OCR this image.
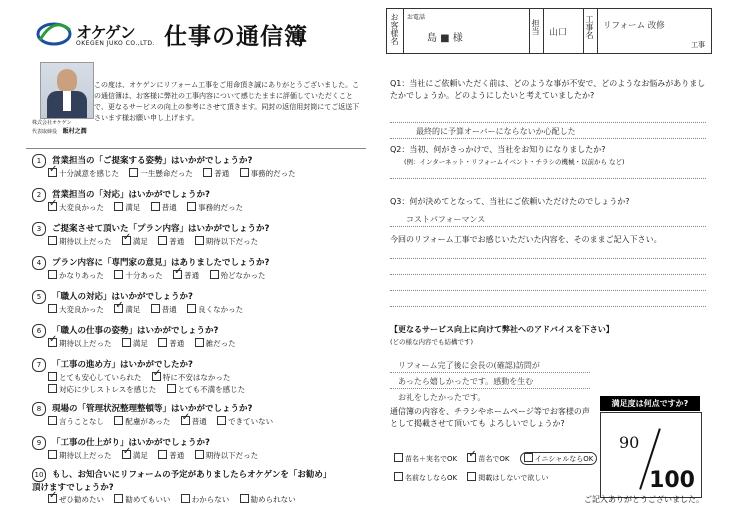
オケゲン
OKEGEN JUKO CO.,LTD. 仕事の通信簿
株式会社オケゲン
代表取締役 飯村之潤
この度は、オケゲンにリフォーム工事をご用命頂き誠にありがとうございました。この通信簿は、お客様に弊社の工事内容について感じたままに評価していただくことで、更なるサービスの向上の参考にさせて頂きます。同封の返信用封筒にてご返送下さいます様お願い申し上げます。
1 営業担当の「ご提案する姿勢」はいかがでしょうか?
✓十分誠意を感じた	一生懸命だった	普通	事務的だった
2 営業担当の「対応」はいかがでしょうか?
✓大変良かった	満足	普通	事務的だった
3 ご提案させて頂いた「プラン内容」はいかがでしょうか?
期待以上だった ✓	満足	普通	期待以下だった
4 プラン内容に「専門家の意見」はありましたでしょうか?
かなりあった	十分あった ✓	普通	殆どなかった
5 「職人の対応」はいかがでしょうか?
大変良かった ✓	満足	普通	良くなかった
6 「職人の仕事の姿勢」はいかがでしょうか?
✓期待以上だった	満足	普通	雑だった
7 「工事の進め方」はいかがでしたか?
とても安心していられた ✓	特に不安はなかった
対応に少しストレスを感じた	とても不満を感じた
8 現場の「管理状況整理整頓等」はいかがでしょうか?
言うことなし	配慮があった ✓	普通	できていない
9 「工事の仕上がり」はいかがでしょうか?
期待以上だった ✓	満足	普通	期待以下だった
10 もし、お知合いにリフォームの予定がありましたらオケゲンを「お勧め」頂けますでしょうか?
✓ぜひ勧めたい	勧めてもいい	わからない	勧められない
お客様名 お電話
島 ■ 様
担当 山口 工事名 リフォーム 改修
工事
Q1：当社にご依頼いただく前は、どのような事が不安で、どのようなお悩みがありましたかでしょうか。どのようにしたいと考えていましたか?
最終的に予算オーバーにならないか心配した
Q2：当初、何がきっかけで、当社をお知りになりましたか?
(例：インターネット・リフォームイベント・チラシの機械・以前から など)
Q3：何が決めてとなって、当社にご依頼いただけたのでしょうか?
コストパフォーマンス
今回のリフォーム工事でお感じいただいた内容を、そのままご記入下さい。
【更なるサービス向上に向けて弊社へのアドバイスを下さい】
(どの様な内容でも結構です)
リフォーム完了後に会長の(確認)訪問が
あったら嬉しかったです。感動を生む
お礼をしたかったです。
通信簿の内容を、チラシやホームページ等でお客様の声として掲載させて頂いても よろしいでしょうか?
苗名＋実名でOK ✓	苗名でOK	イニシャルならOK
名前なしならOK	掲載はしないで欲しい
満足度は何点ですか?
90
100
ご記入ありがとうございました。
